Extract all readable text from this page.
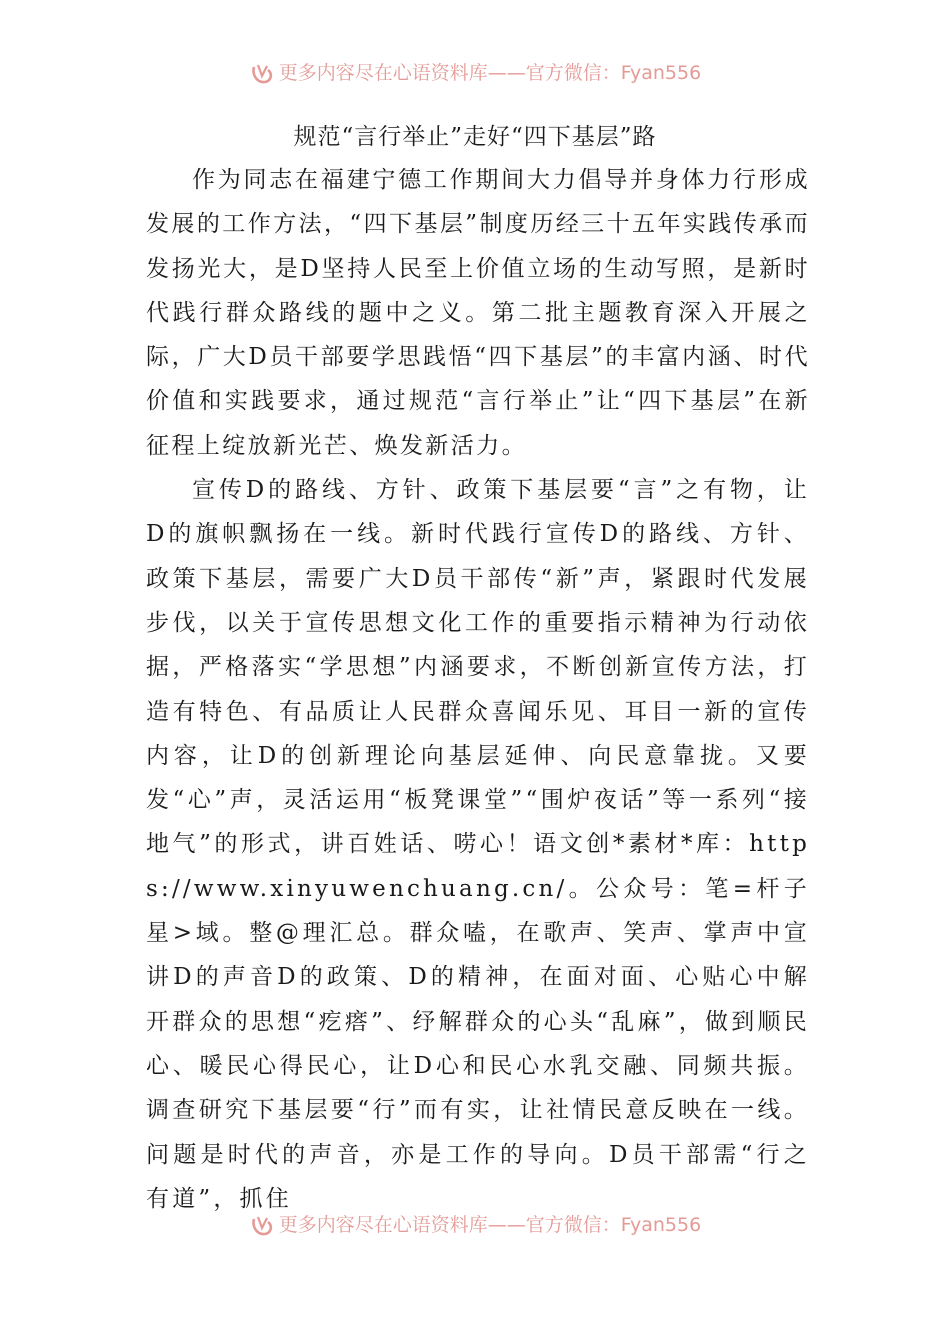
更多内容尽在心语资料库——官方微信：Fyan556
规范“言行举止”走好“四下基层”路

作为同志在福建宁德工作期间大力倡导并身体力行形成发展的工作方法，“四下基层”制度历经三十五年实践传承而发扬光大，是D坚持人民至上价值立场的生动写照，是新时代践行群众路线的题中之义。第二批主题教育深入开展之际，广大D员干部要学思践悟“四下基层”的丰富内涵、时代价值和实践要求，通过规范“言行举止”让“四下基层”在新征程上绽放新光芒、焕发新活力。

宣传D的路线、方针、政策下基层要“言”之有物，让D的旗帜飘扬在一线。新时代践行宣传D的路线、方针、政策下基层，需要广大D员干部传“新”声，紧跟时代发展步伐，以关于宣传思想文化工作的重要指示精神为行动依据，严格落实“学思想”内涵要求，不断创新宣传方法，打造有特色、有品质让人民群众喜闻乐见、耳目一新的宣传内容，让D的创新理论向基层延伸、向民意靠拢。又要发“心”声，灵活运用“板凳课堂”“围炉夜话”等一系列“接地气”的形式，讲百姓话、唠心！语文创*素材*库：https://www.xinyuwenchuang.cn/。公众号：笔=杆子星>域。整@理汇总。群众嗑，在歌声、笑声、掌声中宣讲D的声音D的政策、D的精神，在面对面、心贴心中解开群众的思想“疙瘩”、纾解群众的心头“乱麻”，做到顺民心、暖民心得民心，让D心和民心水乳交融、同频共振。调查研究下基层要“行”而有实，让社情民意反映在一线。问题是时代的声音，亦是工作的导向。D员干部需“行之有道”，抓住

更多内容尽在心语资料库——官方微信：Fyan556
